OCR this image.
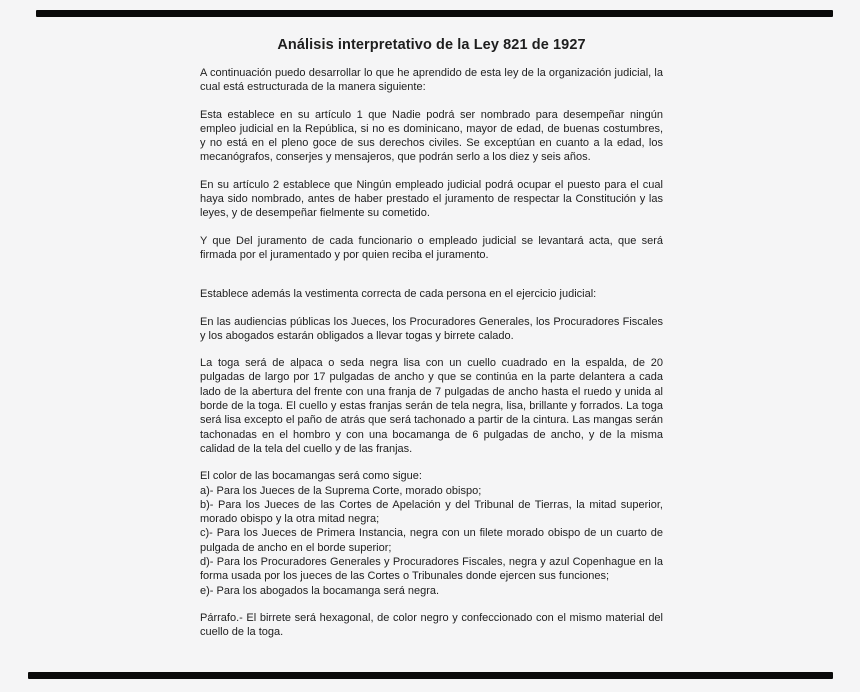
Análisis interpretativo de la Ley 821 de 1927

A continuación puedo desarrollar lo que he aprendido de esta ley de la organización judicial, la cual está estructurada de la manera siguiente:

Esta establece en su artículo 1 que Nadie podrá ser nombrado para desempeñar ningún empleo judicial en la República, si no es dominicano, mayor de edad, de buenas costumbres, y no está en el pleno goce de sus derechos civiles. Se exceptúan en cuanto a la edad, los mecanógrafos, conserjes y mensajeros, que podrán serlo a los diez y seis años.

En su artículo 2 establece que Ningún empleado judicial podrá ocupar el puesto para el cual haya sido nombrado, antes de haber prestado el juramento de respectar la Constitución y las leyes, y de desempeñar fielmente su cometido.

Y que Del juramento de cada funcionario o empleado judicial se levantará acta, que será firmada por el juramentado y por quien reciba el juramento.

Establece además la vestimenta correcta de cada persona en el ejercicio judicial:

En las audiencias públicas los Jueces, los Procuradores Generales, los Procuradores Fiscales y los abogados estarán obligados a llevar togas y birrete calado.

La toga será de alpaca o seda negra lisa con un cuello cuadrado en la espalda, de 20 pulgadas de largo por 17 pulgadas de ancho y que se continúa en la parte delantera a cada lado de la abertura del frente con una franja de 7 pulgadas de ancho hasta el ruedo y unida al borde de la toga. El cuello y estas franjas serán de tela negra, lisa, brillante y forrados. La toga será lisa excepto el paño de atrás que será tachonado a partir de la cintura. Las mangas serán tachonadas en el hombro y con una bocamanga de 6 pulgadas de ancho, y de la misma calidad de la tela del cuello y de las franjas.

El color de las bocamangas será como sigue:
a)- Para los Jueces de la Suprema Corte, morado obispo;
b)- Para los Jueces de las Cortes de Apelación y del Tribunal de Tierras, la mitad superior, morado obispo y la otra mitad negra;
c)- Para los Jueces de Primera Instancia, negra con un filete morado obispo de un cuarto de pulgada de ancho en el borde superior;
d)- Para los Procuradores Generales y Procuradores Fiscales, negra y azul Copenhague en la forma usada por los jueces de las Cortes o Tribunales donde ejercen sus funciones;
e)- Para los abogados la bocamanga será negra.

Párrafo.- El birrete será hexagonal, de color negro y confeccionado con el mismo material del cuello de la toga.
